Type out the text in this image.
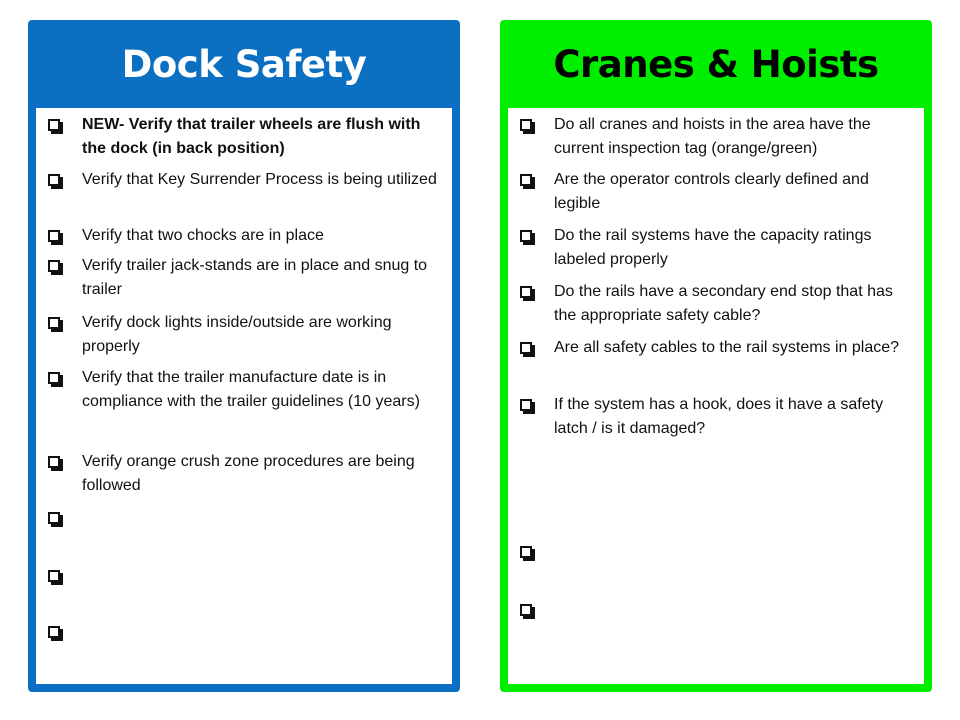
Dock Safety
NEW- Verify that trailer wheels are flush with the dock (in back position)
Verify that Key Surrender Process is being utilized
Verify that two chocks are in place
Verify trailer jack-stands are in place and snug to trailer
Verify dock lights inside/outside are working properly
Verify that the trailer manufacture date is in compliance with the trailer guidelines (10 years)
Verify orange crush zone procedures are being followed
Cranes & Hoists
Do all cranes and hoists in the area have the current inspection tag (orange/green)
Are the operator controls clearly defined and legible
Do the rail systems have the capacity ratings labeled properly
Do the rails have a secondary end stop that has the appropriate safety cable?
Are all safety cables to the rail systems in place?
If the system has a hook, does it have a safety latch / is it damaged?
